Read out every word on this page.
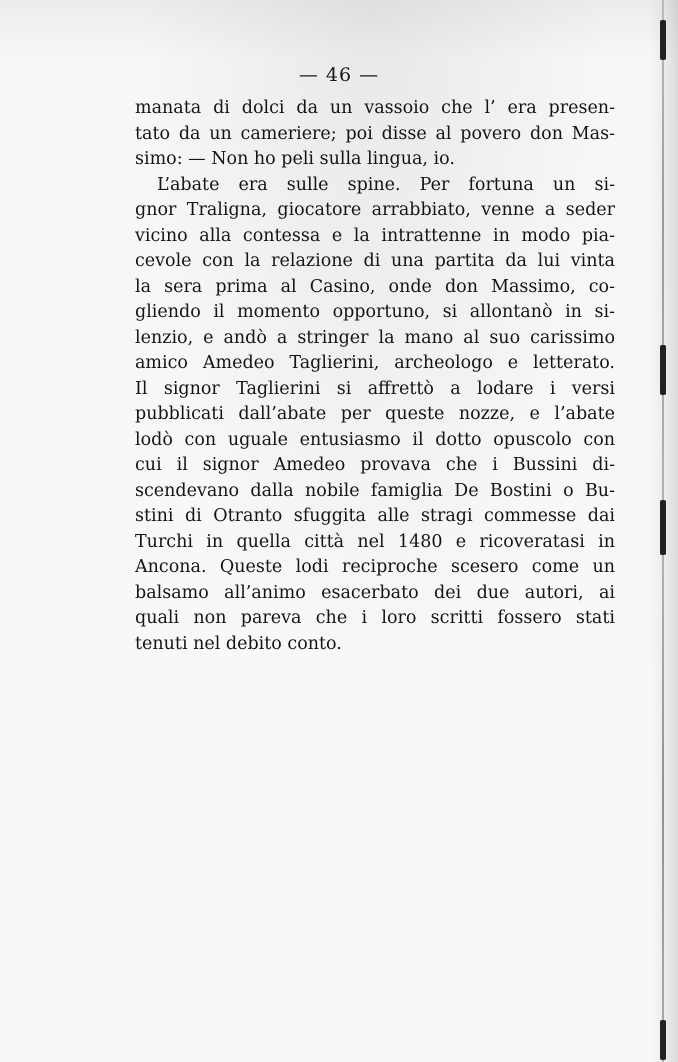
— 46 —
manata di dolci da un vassoio che l’ era presen-
tato da un cameriere; poi disse al povero don Mas-
simo: — Non ho peli sulla lingua, io.
L’abate era sulle spine. Per fortuna un si-
gnor Traligna, giocatore arrabbiato, venne a seder
vicino alla contessa e la intrattenne in modo pia-
cevole con la relazione di una partita da lui vinta
la sera prima al Casino, onde don Massimo, co-
gliendo il momento opportuno, si allontanò in si-
lenzio, e andò a stringer la mano al suo carissimo
amico Amedeo Taglierini, archeologo e letterato.
Il signor Taglierini si affrettò a lodare i versi
pubblicati dall’abate per queste nozze, e l’abate
lodò con uguale entusiasmo il dotto opuscolo con
cui il signor Amedeo provava che i Bussini di-
scendevano dalla nobile famiglia De Bostini o Bu-
stini di Otranto sfuggita alle stragi commesse dai
Turchi in quella città nel 1480 e ricoveratasi in
Ancona. Queste lodi reciproche scesero come un
balsamo all’animo esacerbato dei due autori, ai
quali non pareva che i loro scritti fossero stati
tenuti nel debito conto.
